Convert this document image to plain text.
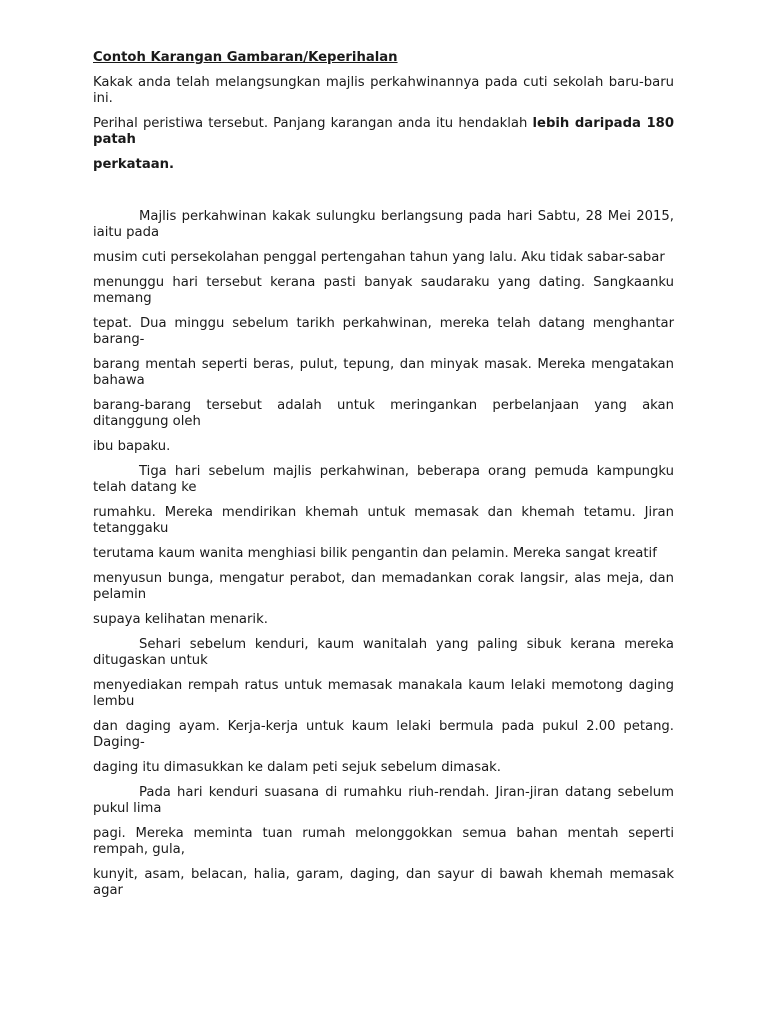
Contoh Karangan Gambaran/Keperihalan
Kakak anda telah melangsungkan majlis perkahwinannya pada cuti sekolah baru-baru ini.
Perihal peristiwa tersebut. Panjang karangan anda itu hendaklah lebih daripada 180 patah
perkataan.
Majlis perkahwinan kakak sulungku berlangsung pada hari Sabtu, 28 Mei 2015, iaitu pada
musim cuti persekolahan penggal pertengahan tahun yang lalu. Aku tidak sabar-sabar
menunggu hari tersebut kerana pasti banyak saudaraku yang dating. Sangkaanku memang
tepat. Dua minggu sebelum tarikh perkahwinan, mereka telah datang menghantar barang-
barang mentah seperti beras, pulut, tepung, dan minyak masak. Mereka mengatakan bahawa
barang-barang tersebut adalah untuk meringankan perbelanjaan yang akan ditanggung oleh
ibu bapaku.
Tiga hari sebelum majlis perkahwinan, beberapa orang pemuda kampungku telah datang ke
rumahku. Mereka mendirikan khemah untuk memasak dan khemah tetamu. Jiran tetanggaku
terutama kaum wanita menghiasi bilik pengantin dan pelamin. Mereka sangat kreatif
menyusun bunga, mengatur perabot, dan memadankan corak langsir, alas meja, dan pelamin
supaya kelihatan menarik.
Sehari sebelum kenduri, kaum wanitalah yang paling sibuk kerana mereka ditugaskan untuk
menyediakan rempah ratus untuk memasak manakala kaum lelaki memotong daging lembu
dan daging ayam. Kerja-kerja untuk kaum lelaki bermula pada pukul 2.00 petang. Daging-
daging itu dimasukkan ke dalam peti sejuk sebelum dimasak.
Pada hari kenduri suasana di rumahku riuh-rendah. Jiran-jiran datang sebelum pukul lima
pagi. Mereka meminta tuan rumah melonggokkan semua bahan mentah seperti rempah, gula,
kunyit, asam, belacan, halia, garam, daging, dan sayur di bawah khemah memasak agar
